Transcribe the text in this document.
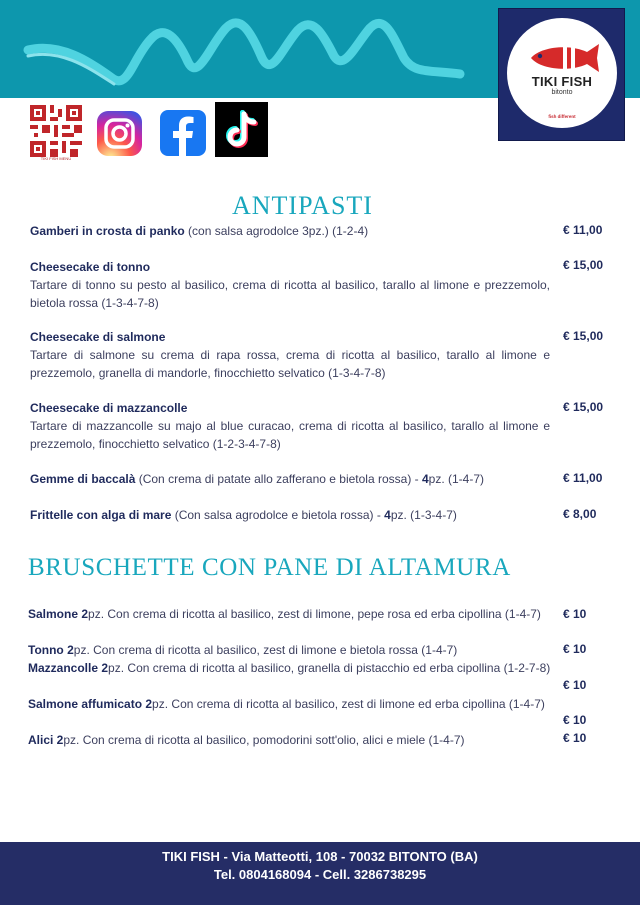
TIKI FISH
bitonto
fish different
TIKI FISH MENU
ANTIPASTI
Gamberi in crosta di panko (con salsa agrodolce 3pz.) (1-2-4)	€ 11,00
Cheesecake di tonno
Tartare di tonno su pesto al basilico, crema di ricotta al basilico, tarallo al limone e prezzemolo, bietola rossa (1-3-4-7-8)
€ 15,00
Cheesecake di salmone
Tartare di salmone su crema di rapa rossa, crema di ricotta al basilico, tarallo al limone e prezzemolo, granella di mandorle, finocchietto selvatico (1-3-4-7-8)
€ 15,00
Cheesecake di mazzancolle
Tartare di mazzancolle su majo al blue curacao, crema di ricotta al basilico, tarallo al limone e prezzemolo, finocchietto selvatico (1-2-3-4-7-8)
€ 15,00
Gemme di baccalà (Con crema di patate allo zafferano e bietola rossa) - 4pz. (1-4-7)	€ 11,00
Frittelle con alga di mare (Con salsa agrodolce e bietola rossa) - 4pz. (1-3-4-7)	€ 8,00
BRUSCHETTE CON PANE DI ALTAMURA
Salmone 2pz. Con crema di ricotta al basilico, zest di limone, pepe rosa ed erba cipollina (1-4-7)	€ 10
Tonno 2pz. Con crema di ricotta al basilico, zest di limone e bietola rossa (1-4-7)	€ 10
Mazzancolle 2pz. Con crema di ricotta al basilico, granella di pistacchio ed erba cipollina (1-2-7-8)
€ 10
Salmone affumicato 2pz. Con crema di ricotta al basilico, zest di limone ed erba cipollina (1-4-7)
€ 10
Alici 2pz. Con crema di ricotta al basilico, pomodorini sott'olio, alici e miele (1-4-7)	€ 10
TIKI FISH - Via Matteotti, 108 - 70032 BITONTO (BA)
Tel. 0804168094 - Cell. 3286738295
